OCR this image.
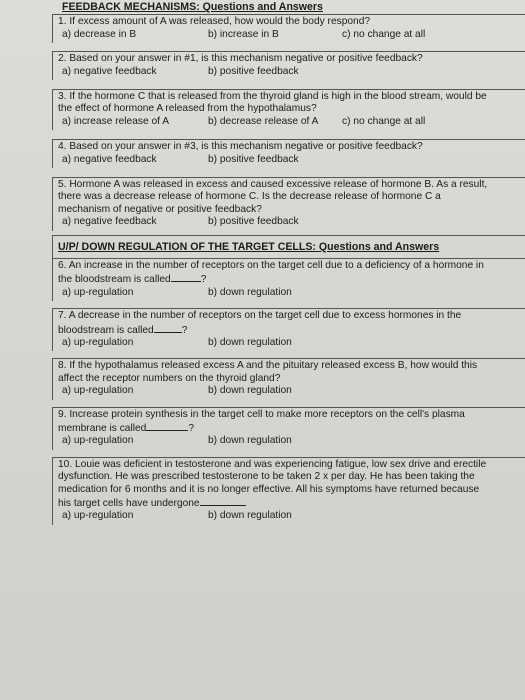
FEEDBACK MECHANISMS: Questions and Answers
1. If excess amount of A was released, how would the body respond?
a) decrease in B	b) increase in B	c) no change at all
2. Based on your answer in #1, is this mechanism negative or positive feedback?
a) negative feedback	b) positive feedback
3. If the hormone C that is released from the thyroid gland is high in the blood stream, would be
the effect of hormone A released from the hypothalamus?
a) increase release of A	b) decrease release of A c) no change at all
4. Based on your answer in #3, is this mechanism negative or positive feedback?
a) negative feedback	b) positive feedback
5. Hormone A was released in excess and caused excessive release of hormone B. As a result,
there was a decrease release of hormone C. Is the decrease release of hormone C a
mechanism of negative or positive feedback?
a) negative feedback	b) positive feedback
U/P/ DOWN REGULATION OF THE TARGET CELLS: Questions and Answers
6. An increase in the number of receptors on the target cell due to a deficiency of a hormone in
the bloodstream is called	?
a) up-regulation	b) down regulation
7. A decrease in the number of receptors on the target cell due to excess hormones in the
bloodstream is called	?
a) up-regulation	b) down regulation
8. If the hypothalamus released excess A and the pituitary released excess B, how would this
affect the receptor numbers on the thyroid gland?
a) up-regulation	b) down regulation
9. Increase protein synthesis in the target cell to make more receptors on the cell's plasma
membrane is called	?
a) up-regulation	b) down regulation
10. Louie was deficient in testosterone and was experiencing fatigue, low sex drive and erectile
dysfunction. He was prescribed testosterone to be taken 2 x per day. He has been taking the
medication for 6 months and it is no longer effective. All his symptoms have returned because
his target cells have undergone
a) up-regulation	b) down regulation
